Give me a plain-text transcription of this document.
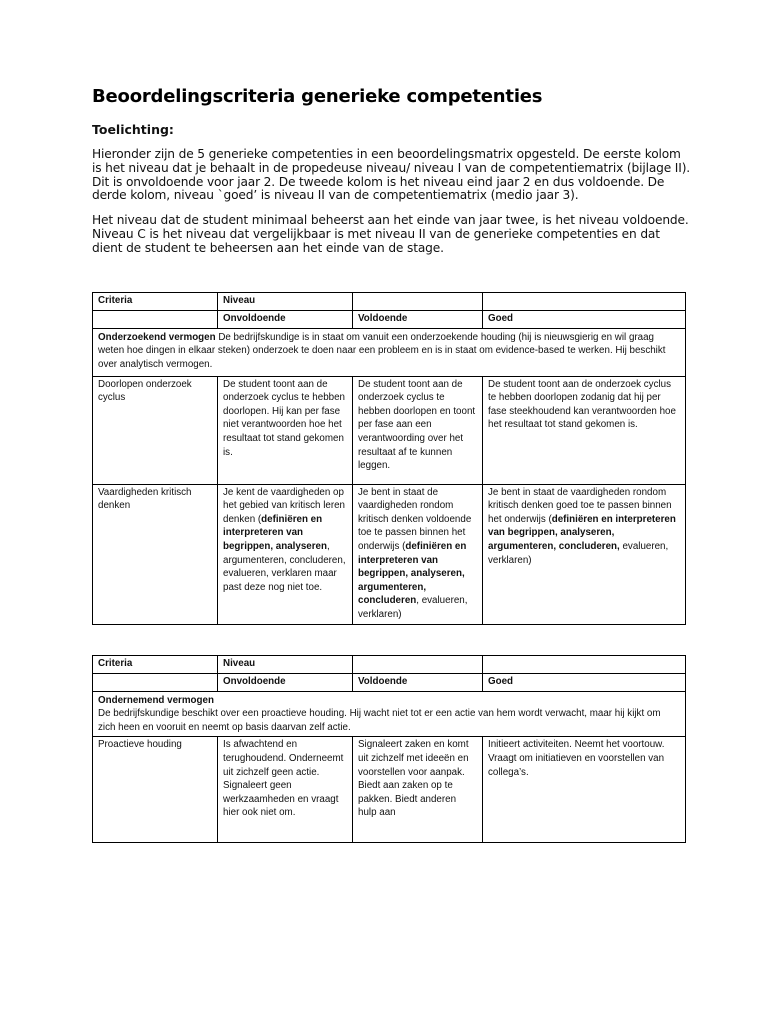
Beoordelingscriteria generieke competenties

Toelichting:

Hieronder zijn de 5 generieke competenties in een beoordelingsmatrix opgesteld. De eerste kolom is het niveau dat je behaalt in de propedeuse niveau/ niveau I van de competentiematrix (bijlage II). Dit is onvoldoende voor jaar 2. De tweede kolom is het niveau eind jaar 2 en dus voldoende. De derde kolom, niveau `goed’ is niveau II van de competentiematrix (medio jaar 3).

Het niveau dat de student minimaal beheerst aan het einde van jaar twee, is het niveau voldoende. Niveau C is het niveau dat vergelijkbaar is met niveau II van de generieke competenties en dat dient de student te beheersen aan het einde van de stage.

Criteria	Niveau		
	Onvoldoende	Voldoende	Goed
Onderzoekend vermogen De bedrijfskundige is in staat om vanuit een onderzoekende houding (hij is nieuwsgierig en wil graag weten hoe dingen in elkaar steken) onderzoek te doen naar een probleem en is in staat om evidence-based te werken. Hij beschikt over analytisch vermogen.			
Doorlopen onderzoek cyclus	De student toont aan de onderzoek cyclus te hebben doorlopen. Hij kan per fase niet verantwoorden hoe het resultaat tot stand gekomen is.	De student toont aan de onderzoek cyclus te hebben doorlopen en toont per fase aan een verantwoording over het resultaat af te kunnen leggen.	De student toont aan de onderzoek cyclus te hebben doorlopen zodanig dat hij per fase steekhoudend kan verantwoorden hoe het resultaat tot stand gekomen is.
Vaardigheden kritisch denken	Je kent de vaardigheden op het gebied van kritisch leren denken (definiëren en interpreteren van begrippen, analyseren, argumenteren, concluderen, evalueren, verklaren maar past deze nog niet toe.	Je bent in staat de vaardigheden rondom kritisch denken voldoende toe te passen binnen het onderwijs (definiëren en interpreteren van begrippen, analyseren, argumenteren, concluderen, evalueren, verklaren)	Je bent in staat de vaardigheden rondom kritisch denken goed toe te passen binnen het onderwijs (definiëren en interpreteren van begrippen, analyseren, argumenteren, concluderen, evalueren, verklaren)
Criteria	Niveau		
	Onvoldoende	Voldoende	Goed

Ondernemend vermogen
De bedrijfskundige beschikt over een proactieve houding. Hij wacht niet tot er een actie van hem wordt verwacht, maar hij kijkt om zich heen en vooruit en neemt op basis daarvan zelf actie.			

Proactieve houding	Is afwachtend en terughoudend. Onderneemt uit zichzelf geen actie. Signaleert geen werkzaamheden en vraagt hier ook niet om.	Signaleert zaken en komt uit zichzelf met ideeën en voorstellen voor aanpak. Biedt aan zaken op te pakken. Biedt anderen hulp aan	Initieert activiteiten. Neemt het voortouw. Vraagt om initiatieven en voorstellen van collega’s.
